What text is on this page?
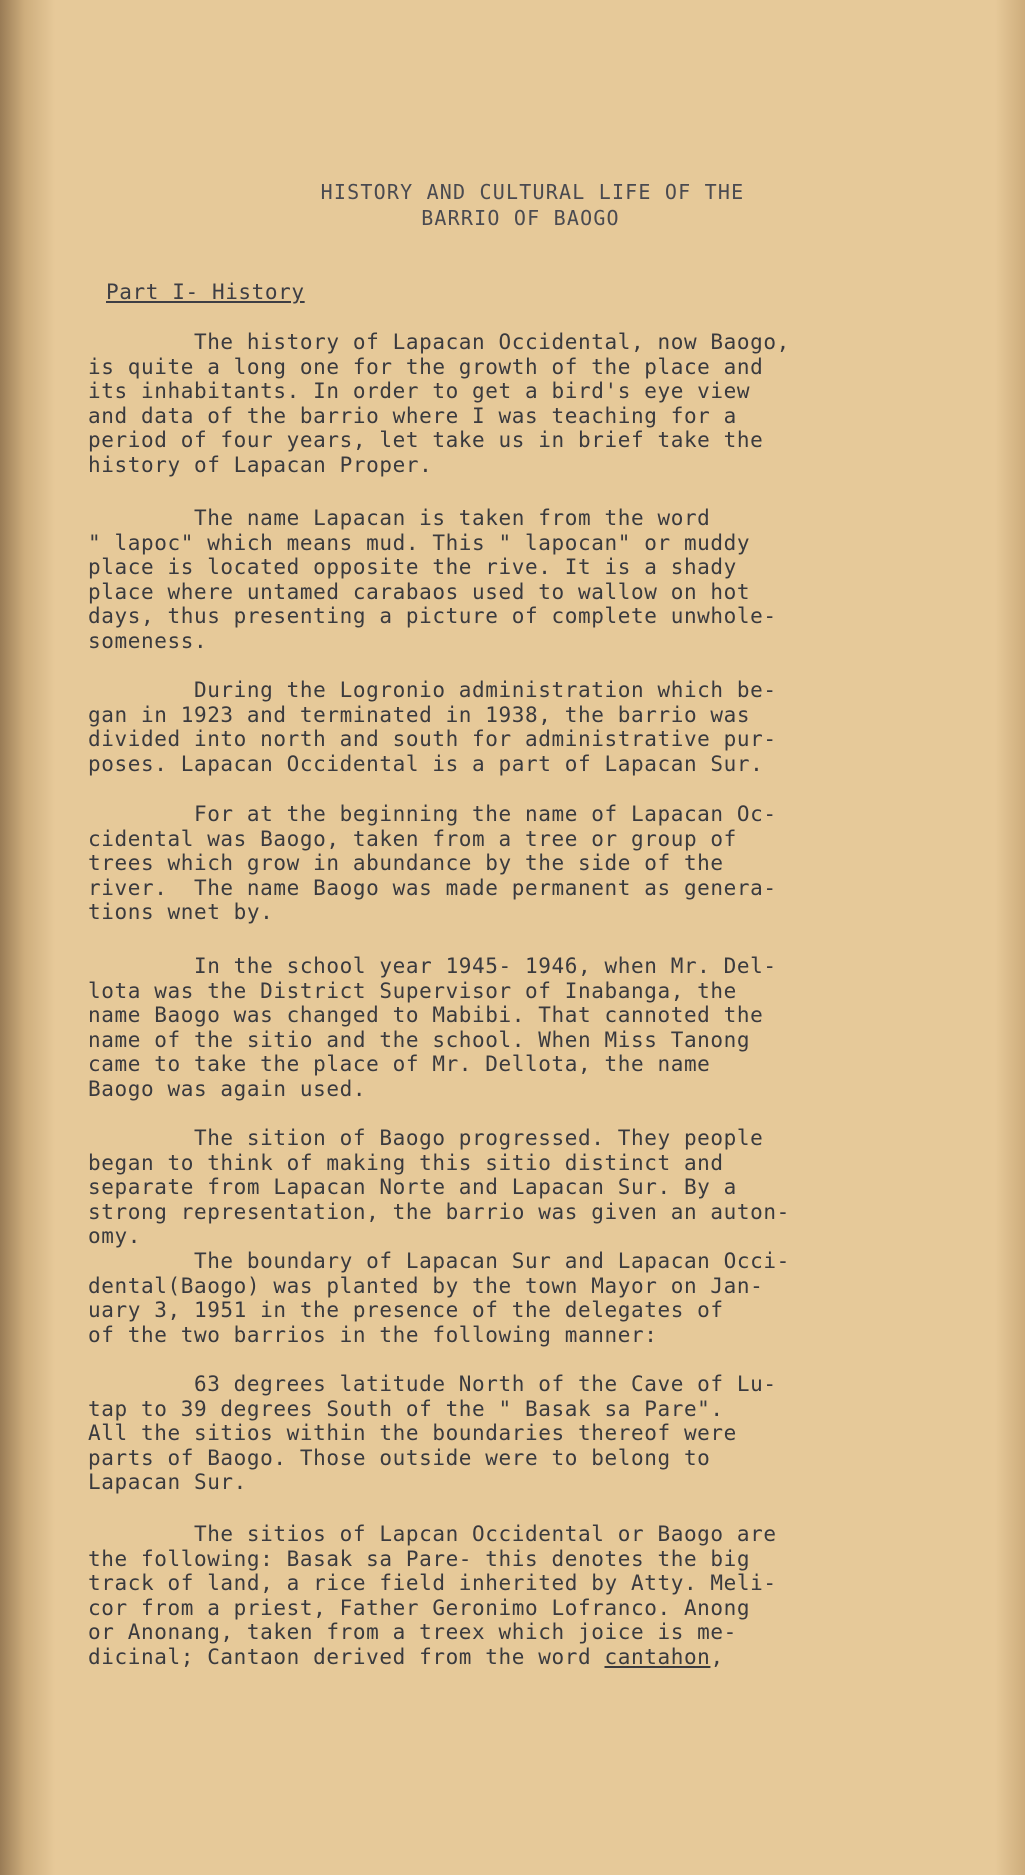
HISTORY AND CULTURAL LIFE OF THE
BARRIO OF BAOGO
Part I- History
The history of Lapacan Occidental, now Baogo,
is quite a long one for the growth of the place and
its inhabitants. In order to get a bird's eye view
and data of the barrio where I was teaching for a
period of four years, let take us in brief take the
history of Lapacan Proper.
The name Lapacan is taken from the word
" lapoc" which means mud. This " lapocan" or muddy
place is located opposite the rive. It is a shady
place where untamed carabaos used to wallow on hot
days, thus presenting a picture of complete unwhole-
someness.
During the Logronio administration which be-
gan in 1923 and terminated in 1938, the barrio was
divided into north and south for administrative pur-
poses. Lapacan Occidental is a part of Lapacan Sur.
For at the beginning the name of Lapacan Oc-
cidental was Baogo, taken from a tree or group of
trees which grow in abundance by the side of the
river.  The name Baogo was made permanent as genera-
tions wnet by.
In the school year 1945- 1946, when Mr. Del-
lota was the District Supervisor of Inabanga, the
name Baogo was changed to Mabibi. That cannoted the
name of the sitio and the school. When Miss Tanong
came to take the place of Mr. Dellota, the name
Baogo was again used.
The sition of Baogo progressed. They people
began to think of making this sitio distinct and
separate from Lapacan Norte and Lapacan Sur. By a
strong representation, the barrio was given an auton-
omy.
The boundary of Lapacan Sur and Lapacan Occi-
dental(Baogo) was planted by the town Mayor on Jan-
uary 3, 1951 in the presence of the delegates of
of the two barrios in the following manner:
63 degrees latitude North of the Cave of Lu-
tap to 39 degrees South of the " Basak sa Pare".
All the sitios within the boundaries thereof were
parts of Baogo. Those outside were to belong to
Lapacan Sur.
The sitios of Lapcan Occidental or Baogo are
the following: Basak sa Pare- this denotes the big
track of land, a rice field inherited by Atty. Meli-
cor from a priest, Father Geronimo Lofranco. Anong
or Anonang, taken from a treex which joice is me-
dicinal; Cantaon derived from the word cantahon,
